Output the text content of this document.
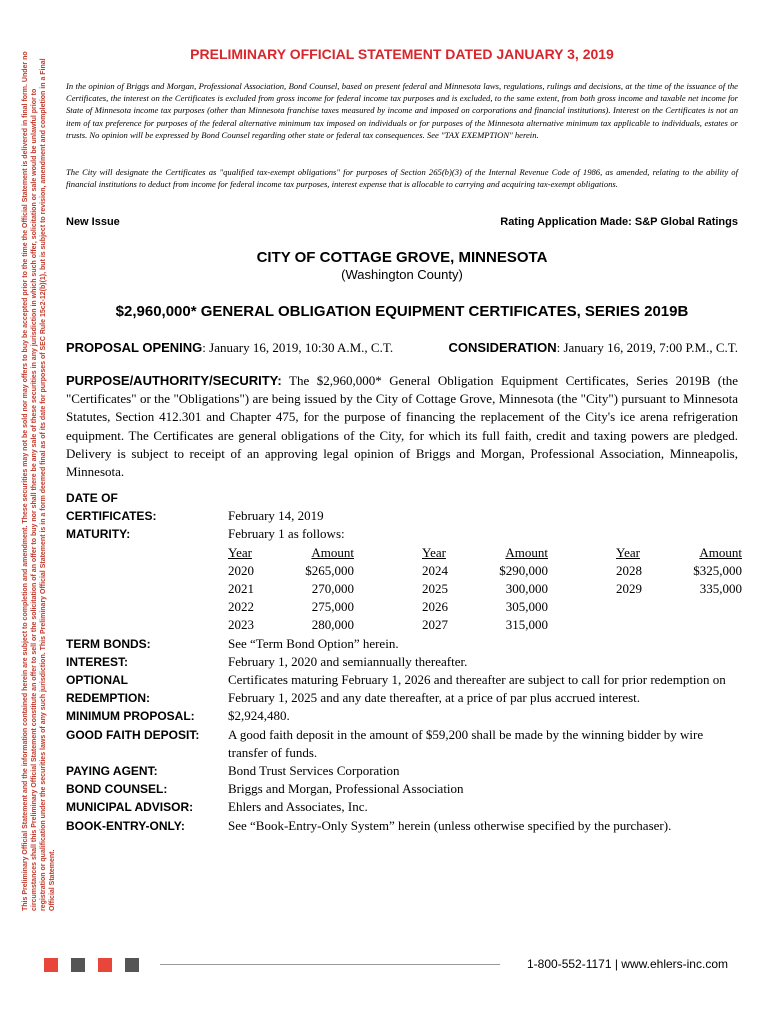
This Preliminary Official Statement and the information contained herein are subject to completion and amendment. These securities may not be sold nor may offers to buy be accepted prior to the time the Official Statement is delivered in final form. Under no circumstances shall this Preliminary Official Statement constitute an offer to sell or the solicitation of an offer to buy nor shall there be any sale of these securities in any jurisdiction in which such offer, solicitation or sale would be unlawful prior to registration or qualification under the securities laws of any such jurisdiction. This Preliminary Official Statement is in a form deemed final as of its date for purposes of SEC Rule 15c2-12(b)(1), but is subject to revision, amendment and completion in a Final Official Statement.
PRELIMINARY OFFICIAL STATEMENT DATED JANUARY 3, 2019
In the opinion of Briggs and Morgan, Professional Association, Bond Counsel, based on present federal and Minnesota laws, regulations, rulings and decisions, at the time of the issuance of the Certificates, the interest on the Certificates is excluded from gross income for federal income tax purposes and is excluded, to the same extent, from both gross income and taxable net income for State of Minnesota income tax purposes (other than Minnesota franchise taxes measured by income and imposed on corporations and financial institutions). Interest on the Certificates is not an item of tax preference for purposes of the federal alternative minimum tax imposed on individuals or for purposes of the Minnesota alternative minimum tax applicable to individuals, estates or trusts. No opinion will be expressed by Bond Counsel regarding other state or federal tax consequences. See "TAX EXEMPTION" herein.
The City will designate the Certificates as "qualified tax-exempt obligations" for purposes of Section 265(b)(3) of the Internal Revenue Code of 1986, as amended, relating to the ability of financial institutions to deduct from income for federal income tax purposes, interest expense that is allocable to carrying and acquiring tax-exempt obligations.
New Issue	Rating Application Made: S&P Global Ratings
CITY OF COTTAGE GROVE, MINNESOTA
(Washington County)
$2,960,000* GENERAL OBLIGATION EQUIPMENT CERTIFICATES, SERIES 2019B
PROPOSAL OPENING: January 16, 2019, 10:30 A.M., C.T.	CONSIDERATION: January 16, 2019, 7:00 P.M., C.T.
PURPOSE/AUTHORITY/SECURITY: The $2,960,000* General Obligation Equipment Certificates, Series 2019B (the "Certificates" or the "Obligations") are being issued by the City of Cottage Grove, Minnesota (the "City") pursuant to Minnesota Statutes, Section 412.301 and Chapter 475, for the purpose of financing the replacement of the City's ice arena refrigeration equipment. The Certificates are general obligations of the City, for which its full faith, credit and taxing powers are pledged. Delivery is subject to receipt of an approving legal opinion of Briggs and Morgan, Professional Association, Minneapolis, Minnesota.
DATE OF
CERTIFICATES:	February 14, 2019
MATURITY:	February 1 as follows:
Year	Amount	Year	Amount	Year	Amount
2020	$265,000	2024	$290,000	2028	$325,000
2021	270,000	2025	300,000	2029	335,000
2022	275,000	2026	305,000
2023	280,000	2027	315,000
TERM BONDS:	See “Term Bond Option” herein.
INTEREST:	February 1, 2020 and semiannually thereafter.
OPTIONAL
REDEMPTION:
Certificates maturing February 1, 2026 and thereafter are subject to call for prior redemption on February 1, 2025 and any date thereafter, at a price of par plus accrued interest.
MINIMUM PROPOSAL:	$2,924,480.
GOOD FAITH DEPOSIT:	A good faith deposit in the amount of $59,200 shall be made by the winning bidder by wire transfer of funds.
PAYING AGENT:	Bond Trust Services Corporation
BOND COUNSEL:	Briggs and Morgan, Professional Association
MUNICIPAL ADVISOR:	Ehlers and Associates, Inc.
BOOK-ENTRY-ONLY:	See “Book-Entry-Only System” herein (unless otherwise specified by the purchaser).
1-800-552-1171 | www.ehlers-inc.com
